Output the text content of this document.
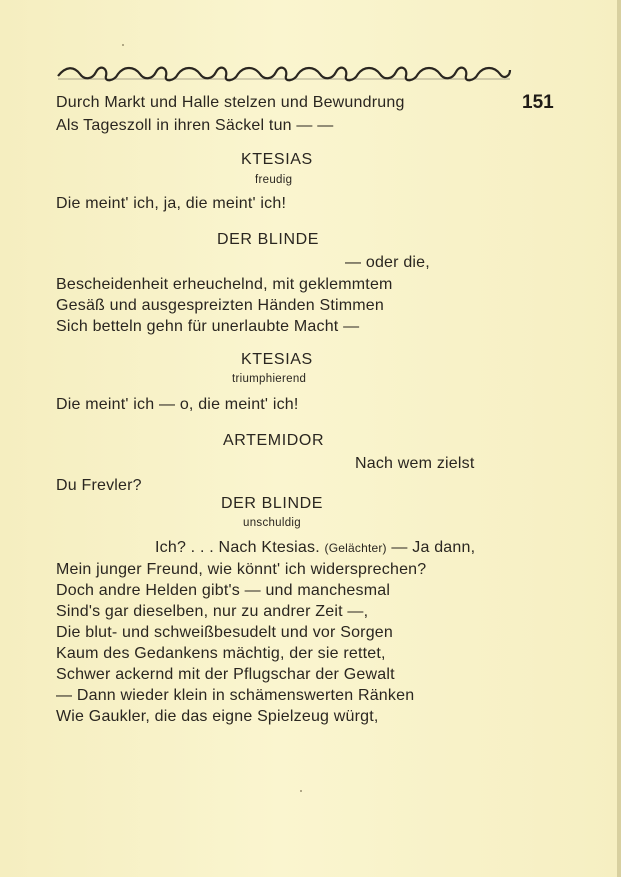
151
Durch Markt und Halle stelzen und Bewundrung
Als Tageszoll in ihren Säckel tun — —
KTESIAS
freudig
Die meint' ich, ja, die meint' ich!
DER BLINDE
— oder die,
Bescheidenheit erheuchelnd, mit geklemmtem
Gesäß und ausgespreizten Händen Stimmen
Sich betteln gehn für unerlaubte Macht —
KTESIAS
triumphierend
Die meint' ich — o, die meint' ich!
ARTEMIDOR
Nach wem zielst
Du Frevler?
DER BLINDE
unschuldig
Ich? . . . Nach Ktesias. (Gelächter) — Ja dann,
Mein junger Freund, wie könnt' ich widersprechen?
Doch andre Helden gibt's — und manchesmal
Sind's gar dieselben, nur zu andrer Zeit —,
Die blut- und schweißbesudelt und vor Sorgen
Kaum des Gedankens mächtig, der sie rettet,
Schwer ackernd mit der Pflugschar der Gewalt
— Dann wieder klein in schämenswerten Ränken
Wie Gaukler, die das eigne Spielzeug würgt,
